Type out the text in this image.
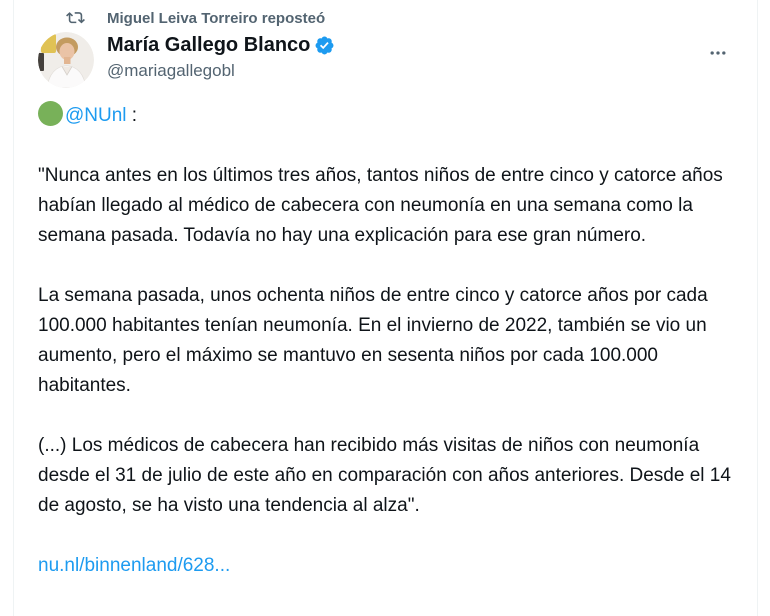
Miguel Leiva Torreiro reposteó
María Gallego Blanco
@mariagallegobl
@NUnl :

"Nunca antes en los últimos tres años, tantos niños de entre cinco y catorce años habían llegado al médico de cabecera con neumonía en una semana como la semana pasada. Todavía no hay una explicación para ese gran número.

La semana pasada, unos ochenta niños de entre cinco y catorce años por cada 100.000 habitantes tenían neumonía. En el invierno de 2022, también se vio un aumento, pero el máximo se mantuvo en sesenta niños por cada 100.000 habitantes.

(...) Los médicos de cabecera han recibido más visitas de niños con neumonía desde el 31 de julio de este año en comparación con años anteriores. Desde el 14 de agosto, se ha visto una tendencia al alza".

nu.nl/binnenland/628...
